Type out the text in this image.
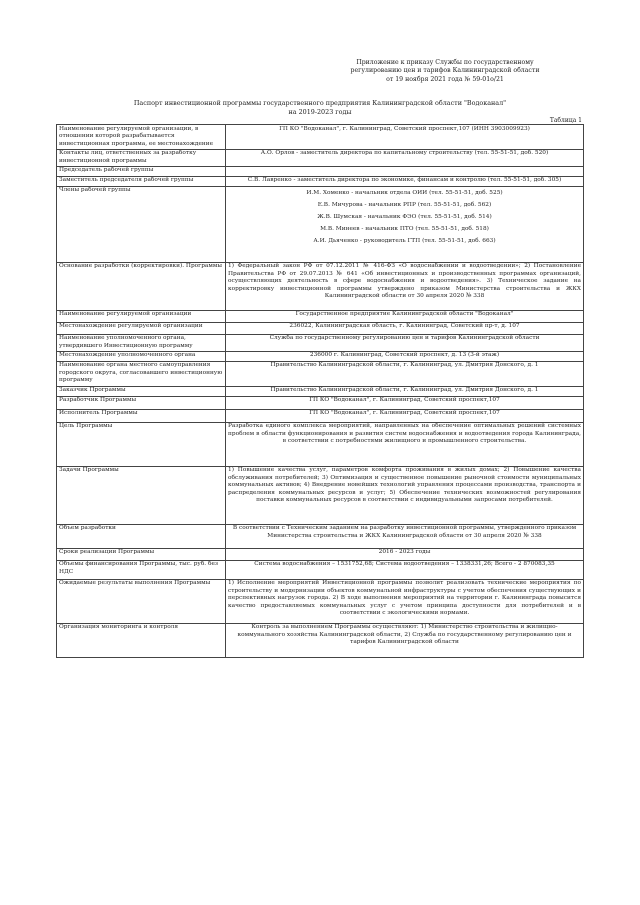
Приложение к приказу Службы по государственному
регулированию цен и тарифов Калининградской области
от 19 ноября 2021 года № 59-01о/21
Паспорт инвестиционной программы государственного предприятия Калининградской области "Водоканал"
на 2019-2023 годы
Таблица 1
Наименование регулируемой организации, в отношении которой разрабатывается инвестиционная программа, ее местонахождение	ГП КО "Водоканал", г. Калининград, Советский проспект,107 (ИНН 3903009923)
Контакты лиц, ответственных за разработку инвестиционной программы	А.О. Орлов - заместитель директора по капитальному строительству (тел. 55-51-51, доб. 520)
Председатель рабочей группы	
Заместитель председателя рабочей группы	С.В. Лавренко - заместитель директора по экономике, финансам и контролю (тел. 55-51-51, доб. 305)
Члены рабочей группы	И.М. Хоменко - начальник отдела ОИИ (тел. 55-51-51, доб. 525)
Е.В. Мичурова - начальник РПР (тел. 55-51-51, доб. 562)
Ж.В. Шумская - начальник ФЭО (тел. 55-51-51, доб. 514)
М.В. Минеев - начальник ПТО (тел. 55-51-51, доб. 518)
А.И. Дьяченко - руководитель ГТП (тел. 55-51-51, доб. 663)

Основание разработки (корректировки). Программы	1) Федеральный закон РФ от 07.12.2011 № 416-ФЗ «О водоснабжении и водоотведении»; 2) Постановление Правительства РФ от 29.07.2013 № 641 «Об инвестиционных и производственных программах организаций, осуществляющих деятельность в сфере водоснабжения и водоотведения». 3) Техническое задание на корректировку инвестиционной программы утверждено приказом Министерства строительства и ЖКХ Калининградской области от 30 апреля 2020 № 338
Наименование регулируемой организации	Государственное предприятие Калининградской области "Водоканал"
Местонахождение регулируемой организации	236022, Калининградская область, г. Калининград, Советский пр-т, д. 107
Наименование уполномоченного органа, утвердившего Инвестиционную программу	Служба по государственному регулированию цен и тарифов Калининградской области
Местонахождение уполномоченного органа	236000 г. Калининград, Советский проспект, д. 13 (3-й этаж)
Наименование органа местного самоуправления городского округа, согласовавшего инвестиционную программу	Правительство Калининградской области, г. Калининград, ул. Дмитрия Донского, д. 1
Заказчик Программы	Правительство Калининградской области, г. Калининград, ул. Дмитрия Донского, д. 1
Разработчик Программы	ГП КО "Водоканал", г. Калининград, Советский проспект,107
Исполнитель Программы	ГП КО "Водоканал", г. Калининград, Советский проспект,107
Цель Программы	Разработка единого комплекса мероприятий, направленных на обеспечение оптимальных решений системных проблем в области функционирования и развития систем водоснабжения и водоотведения города Калининграда, в соответствии с потребностями жилищного и промышленного строительства.
Задачи Программы	1) Повышение качества услуг, параметров комфорта проживания в жилых домах; 2) Повышение качества обслуживания потребителей; 3) Оптимизация и существенное повышение рыночной стоимости муниципальных коммунальных активов; 4) Внедрение новейших технологий управления процессами производства, транспорта и распределения коммунальных ресурсов и услуг; 5) Обеспечение технических возможностей регулирования поставки коммунальных ресурсов в соответствии с индивидуальными запросами потребителей.
Объем разработки	В соответствии с Техническим заданием на разработку инвестиционной программы, утвержденного приказом Министерства строительства и ЖКХ Калининградской области от 30 апреля 2020 № 338
Сроки реализации Программы	2016 - 2023 годы
Объемы финансирования Программы, тыс. руб. без НДС	Система водоснабжения – 1531752,68; Система водоотведения – 1338331,26; Всего - 2 870083,35
Ожидаемые результаты выполнения Программы	1) Исполнение мероприятий Инвестиционной программы позволит реализовать технические мероприятия по строительству и модернизации объектов коммунальной инфраструктуры с учетом обеспечения существующих и перспективных нагрузок города. 2) В ходе выполнения мероприятий на территории г. Калининграда повысится качество предоставляемых коммунальных услуг с учетом принципа доступности для потребителей и в соответствии с экологическими нормами.
Организация мониторинга и контроля	Контроль за выполнением Программы осуществляют: 1) Министерство строительства и жилищно-коммунального хозяйства Калининградской области, 2) Служба по государственному регулированию цен и тарифов Калининградской области
